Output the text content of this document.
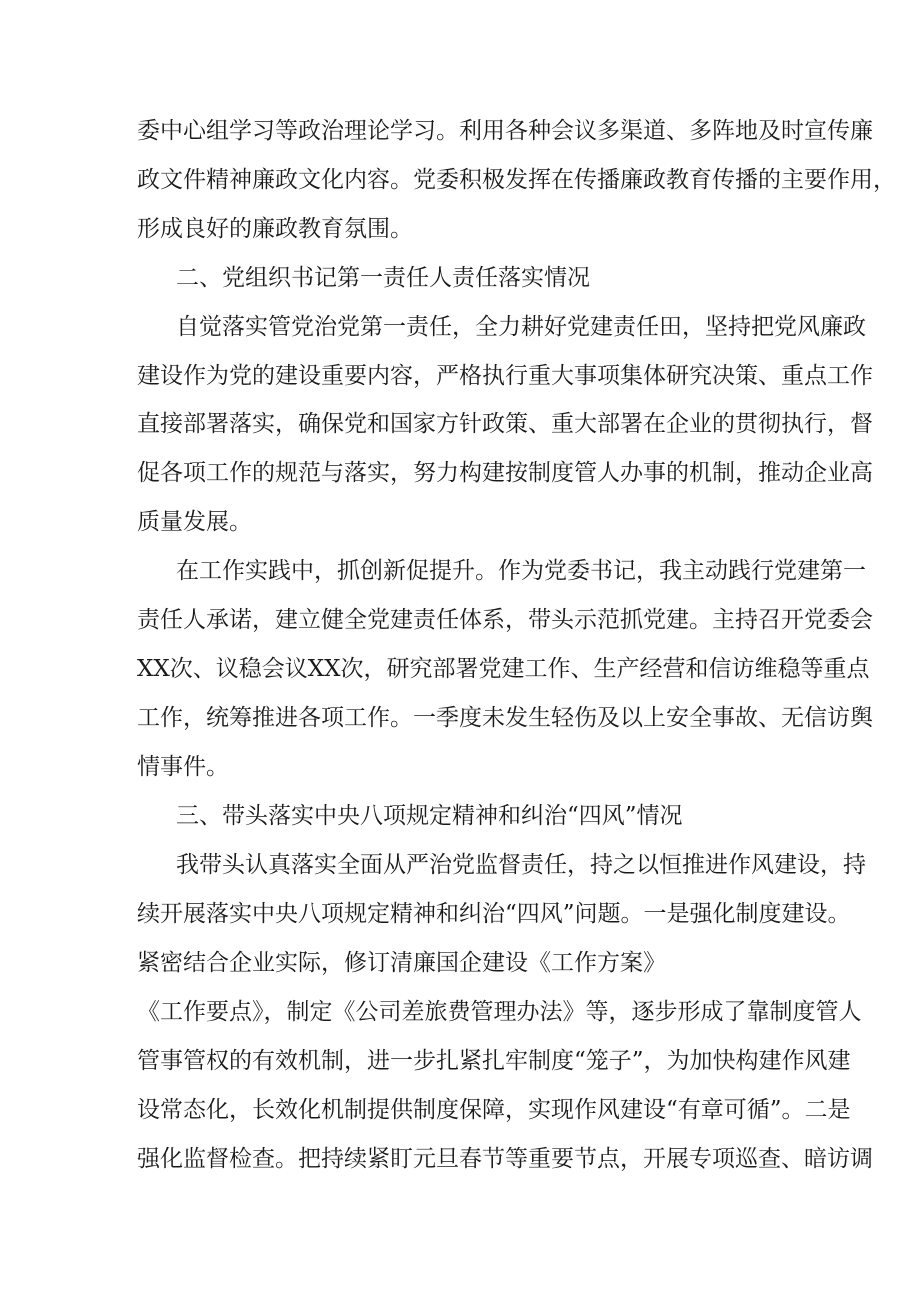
委中心组学习等政治理论学习。利用各种会议多渠道、多阵地及时宣传廉

政文件精神廉政文化内容。党委积极发挥在传播廉政教育传播的主要作用，

形成良好的廉政教育氛围。

二、党组织书记第一责任人责任落实情况

自觉落实管党治党第一责任，全力耕好党建责任田，坚持把党风廉政

建设作为党的建设重要内容，严格执行重大事项集体研究决策、重点工作

直接部署落实，确保党和国家方针政策、重大部署在企业的贯彻执行，督

促各项工作的规范与落实，努力构建按制度管人办事的机制，推动企业高

质量发展。

在工作实践中，抓创新促提升。作为党委书记，我主动践行党建第一

责任人承诺，建立健全党建责任体系，带头示范抓党建。主持召开党委会

XX次、议稳会议XX次，研究部署党建工作、生产经营和信访维稳等重点

工作，统筹推进各项工作。一季度未发生轻伤及以上安全事故、无信访舆

情事件。

三、带头落实中央八项规定精神和纠治“四风”情况

我带头认真落实全面从严治党监督责任，持之以恒推进作风建设，持

续开展落实中央八项规定精神和纠治“四风”问题。一是强化制度建设。

紧密结合企业实际，修订清廉国企建设《工作方案》

《工作要点》，制定《公司差旅费管理办法》等，逐步形成了靠制度管人

管事管权的有效机制，进一步扎紧扎牢制度“笼子”，为加快构建作风建

设常态化，长效化机制提供制度保障，实现作风建设“有章可循”。二是

强化监督检查。把持续紧盯元旦春节等重要节点，开展专项巡查、暗访调
